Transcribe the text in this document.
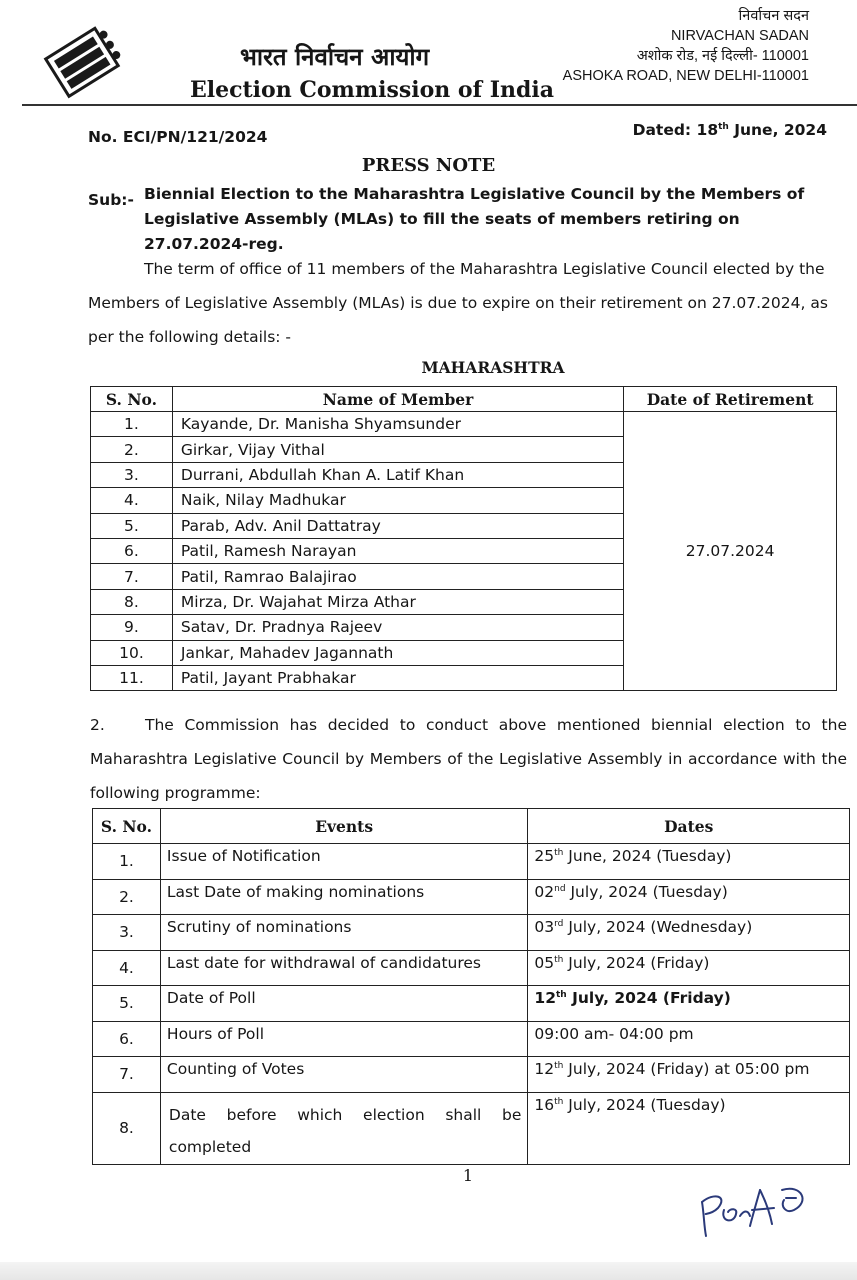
भारत निर्वाचन आयोग
Election Commission of India
निर्वाचन सदन
NIRVACHAN SADAN
अशोक रोड, नई दिल्ली- 110001
ASHOKA ROAD, NEW DELHI-110001
No. ECI/PN/121/2024	Dated: 18th June, 2024
PRESS NOTE
Sub:- Biennial Election to the Maharashtra Legislative Council by the Members of Legislative Assembly (MLAs) to fill the seats of members retiring on 27.07.2024-reg.
The term of office of 11 members of the Maharashtra Legislative Council elected by the Members of Legislative Assembly (MLAs) is due to expire on their retirement on 27.07.2024, as per the following details: -
MAHARASHTRA
S. No.	Name of Member	Date of Retirement
1.	Kayande, Dr. Manisha Shyamsunder	27.07.2024
2.	Girkar, Vijay Vithal	
3.	Durrani, Abdullah Khan A. Latif Khan	
4.	Naik, Nilay Madhukar	
5.	Parab, Adv. Anil Dattatray	
6.	Patil, Ramesh Narayan	
7.	Patil, Ramrao Balajirao	
8.	Mirza, Dr. Wajahat Mirza Athar	
9.	Satav, Dr. Pradnya Rajeev	
10.	Jankar, Mahadev Jagannath	
11.	Patil, Jayant Prabhakar	
2.	The Commission has decided to conduct above mentioned biennial election to the Maharashtra Legislative Council by Members of the Legislative Assembly in accordance with the following programme:
S. No.	Events	Dates
1.	Issue of Notification	25th June, 2024 (Tuesday)
2.	Last Date of making nominations	02nd July, 2024 (Tuesday)
3.	Scrutiny of nominations	03rd July, 2024 (Wednesday)
4.	Last date for withdrawal of candidatures	05th July, 2024 (Friday)
5.	Date of Poll	12th July, 2024 (Friday)
6.	Hours of Poll	09:00 am- 04:00 pm
7.	Counting of Votes	12th July, 2024 (Friday) at 05:00 pm
8.	Date before which election shall be
completed	16th July, 2024 (Tuesday)
1
